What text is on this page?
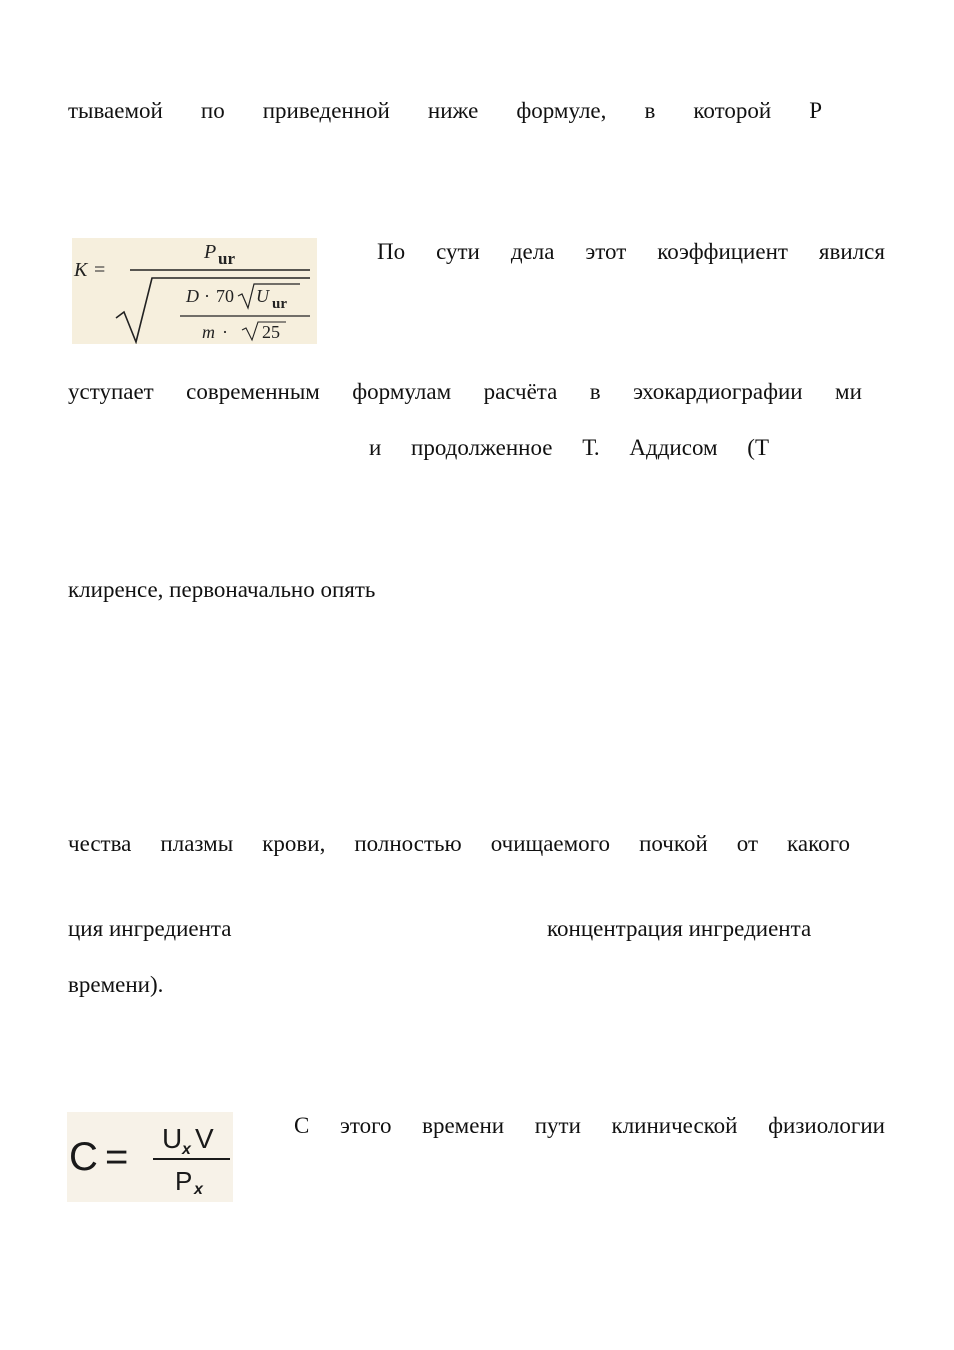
тываемой по приведенной ниже формуле, в которой P
K =
P ur
D · 70 U ur
m · 25
По сути дела этот коэффициент явился
уступает современным формулам расчёта в эхокардиографии ми
и продолженное Т. Аддисом (Т
клиренсе, первоначально опять
чества плазмы крови, полностью очищаемого почкой от какого
ция ингредиента	концентрация ингредиента
времени).
C = U x V
P x
С этого времени пути клинической физиологии
